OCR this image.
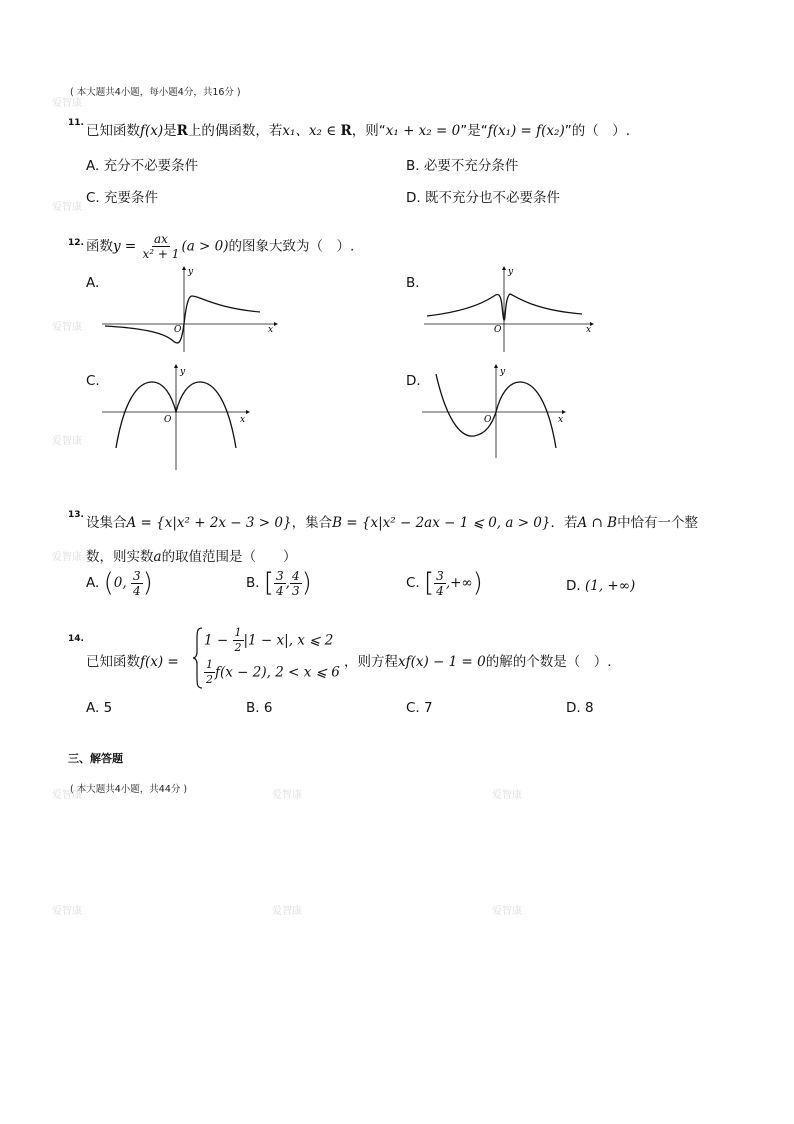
( 本大题共4小题，每小题4分，共16分 )
11. 已知函数f(x)是R上的偶函数，若x₁、x₂ ∈ R，则“x₁ + x₂ = 0”是“f(x₁) = f(x₂)”的（　）.
A. 充分不必要条件	B. 必要不充分条件
C. 充要条件	D. 既不充分也不必要条件
12. 函数$y = \frac{ax}{\text{x² + 1}} (a > 0)$的图象大致为（　）.
A.	B.
C.	D.
y
x
O
y
x
O
y
x
O
y
x
O
13. 设集合A = {x|x² + 2x − 3 > 0}，集合B = {x|x² − 2ax − 1 ⩽ 0, a > 0}．若A ∩ B中恰有一个整
数，则实数a的取值范围是（　　）
A. (0, $\frac{3}{4}$ )	B. [ $\frac{3}{4}$ , $\frac{4}{3}$ )	C. [ $\frac{3}{4}$ ,+∞)	D. (1, +∞)
14.
已知函数f(x) =
$1 - \frac{1}{2} |1 - x|$, x ⩽ 2
$\frac{1}{2} f(x - 2)$, 2 < x ⩽ 6
，则方程xf(x) − 1 = 0的解的个数是（　）.
A. 5	B. 6	C. 7	D. 8
三、解答题
( 本大题共4小题，共44分 )
爱智康
爱智康
爱智康
爱智康
爱智康
爱智康
爱智康
爱智康
爱智康
爱智康
爱智康
